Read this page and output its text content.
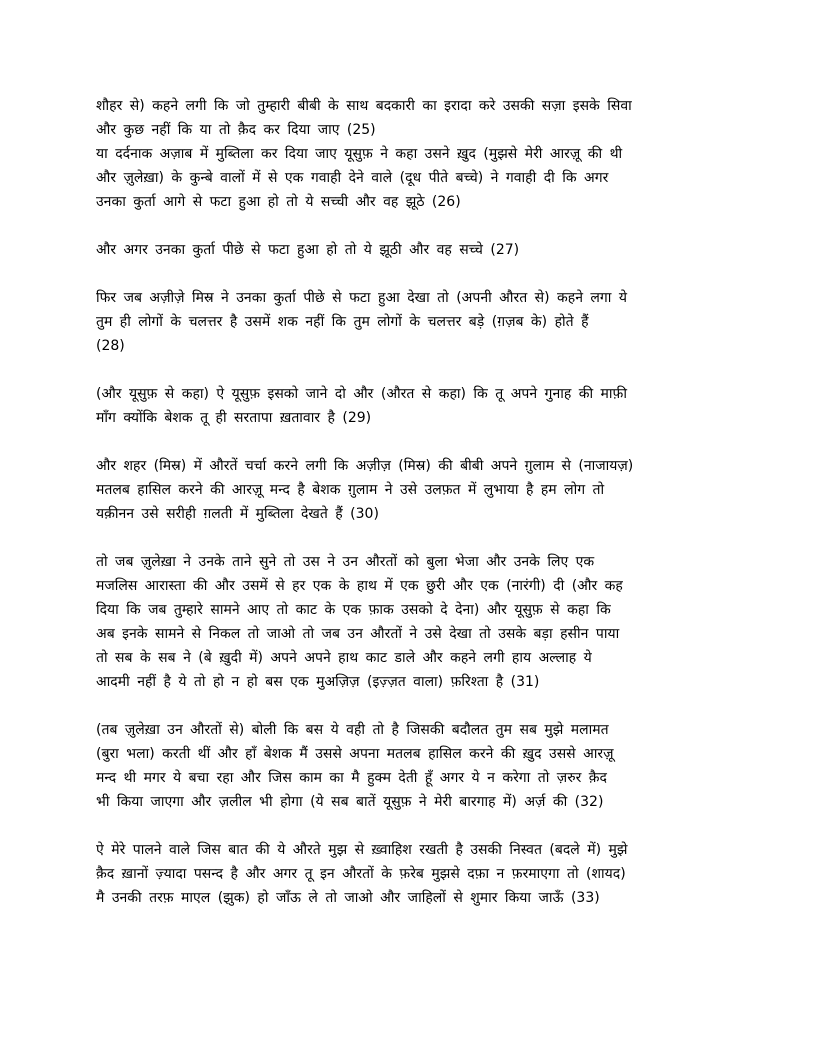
शौहर से) कहने लगी कि जो तुम्हारी बीबी के साथ बदकारी का इरादा करे उसकी सज़ा इसके सिवा
और कुछ नहीं कि या तो क़ैद कर दिया जाए (25)

या दर्दनाक अज़ाब में मुब्तिला कर दिया जाए यूसुफ़ ने कहा उसने ख़ुद (मुझसे मेरी आरज़ू की थी
और ज़ुलेख़ा) के कुन्बे वालों में से एक गवाही देने वाले (दूध पीते बच्चे) ने गवाही दी कि अगर
उनका कुर्ता आगे से फटा हुआ हो तो ये सच्ची और वह झूठे (26)

और अगर उनका कुर्ता पीछे से फटा हुआ हो तो ये झूठी और वह सच्चे (27)

फिर जब अज़ीज़े मिस्र ने उनका कुर्ता पीछे से फटा हुआ देखा तो (अपनी औरत से) कहने लगा ये
तुम ही लोगों के चलत्तर है उसमें शक नहीं कि तुम लोगों के चलत्तर बड़े (ग़ज़ब के) होते हैं
(28)

(और यूसुफ़ से कहा) ऐ यूसुफ़ इसको जाने दो और (औरत से कहा) कि तू अपने गुनाह की माफ़ी
माँग क्योंकि बेशक तू ही सरतापा ख़तावार है (29)

और शहर (मिस्र) में औरतें चर्चा करने लगी कि अज़ीज़ (मिस्र) की बीबी अपने ग़ुलाम से (नाजायज़)
मतलब हासिल करने की आरज़ू मन्द है बेशक ग़ुलाम ने उसे उलफ़त में लुभाया है हम लोग तो
यक़ीनन उसे सरीही ग़लती में मुब्तिला देखते हैं (30)

तो जब ज़ुलेख़ा ने उनके ताने सुने तो उस ने उन औरतों को बुला भेजा और उनके लिए एक
मजलिस आरास्ता की और उसमें से हर एक के हाथ में एक छुरी और एक (नारंगी) दी (और कह
दिया कि जब तुम्हारे सामने आए तो काट के एक फ़ाक उसको दे देना) और यूसुफ़ से कहा कि
अब इनके सामने से निकल तो जाओ तो जब उन औरतों ने उसे देखा तो उसके बड़ा हसीन पाया
तो सब के सब ने (बे ख़ुदी में) अपने अपने हाथ काट डाले और कहने लगी हाय अल्लाह ये
आदमी नहीं है ये तो हो न हो बस एक मुअज़िज़ (इज़्ज़त वाला) फ़रिश्ता है (31)

(तब ज़ुलेख़ा उन औरतों से) बोली कि बस ये वही तो है जिसकी बदौलत तुम सब मुझे मलामत
(बुरा भला) करती थीं और हाँ बेशक मैं उससे अपना मतलब हासिल करने की ख़ुद उससे आरज़ू
मन्द थी मगर ये बचा रहा और जिस काम का मै हुक्म देती हूँ अगर ये न करेगा तो ज़रुर क़ैद
भी किया जाएगा और ज़लील भी होगा (ये सब बातें यूसुफ़ ने मेरी बारगाह में) अर्ज़ की (32)

ऐ मेरे पालने वाले जिस बात की ये औरते मुझ से ख़्वाहिश रखती है उसकी निस्वत (बदले में) मुझे
क़ैद ख़ानों ज़्यादा पसन्द है और अगर तू इन औरतों के फ़रेब मुझसे दफ़ा न फ़रमाएगा तो (शायद)
मै उनकी तरफ़ माएल (झुक) हो जाँऊ ले तो जाओ और जाहिलों से शुमार किया जाऊँ (33)
